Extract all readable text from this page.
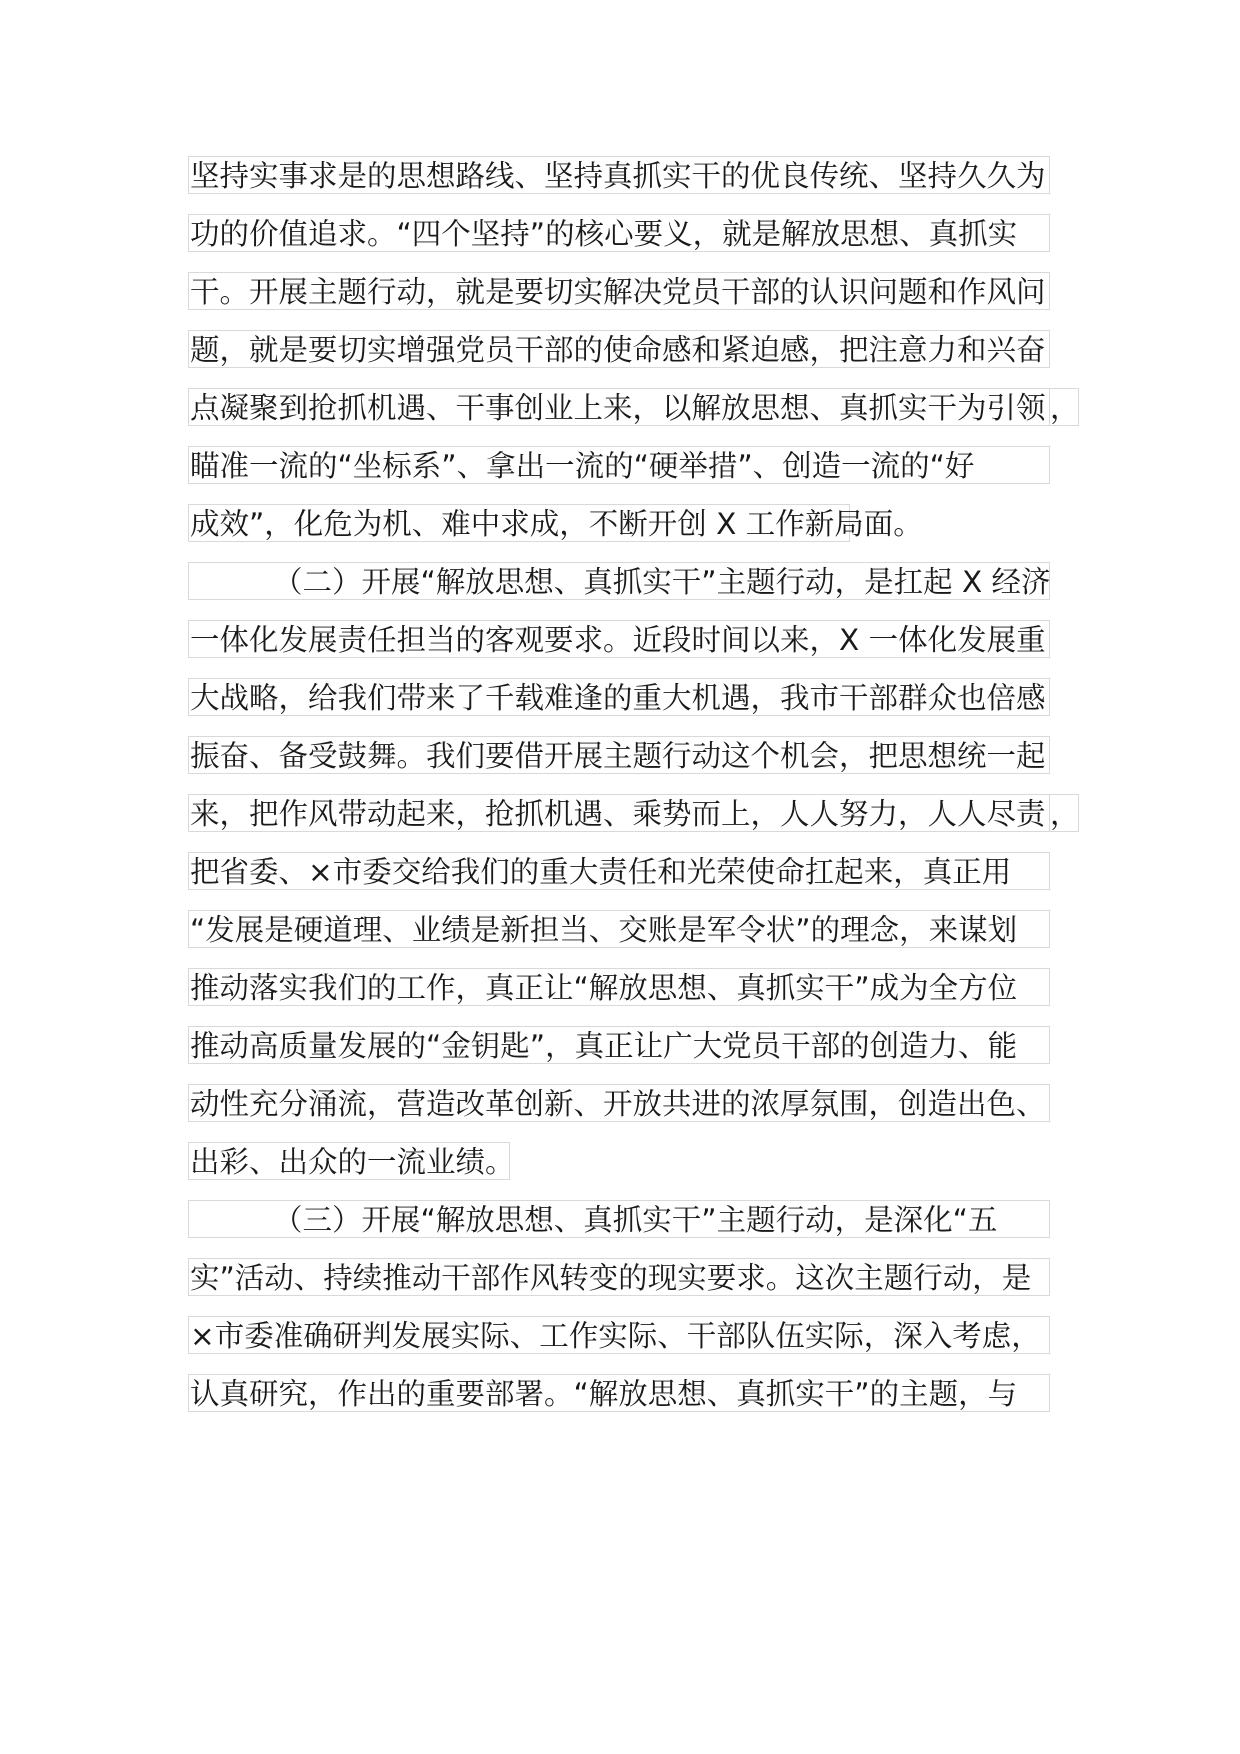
坚持实事求是的思想路线、坚持真抓实干的优良传统、坚持久久为
功的价值追求。“四个坚持”的核心要义，就是解放思想、真抓实
干。开展主题行动，就是要切实解决党员干部的认识问题和作风问
题，就是要切实增强党员干部的使命感和紧迫感，把注意力和兴奋
点凝聚到抢抓机遇、干事创业上来，以解放思想、真抓实干为引领 ，
瞄准一流的“坐标系”、拿出一流的“硬举措”、创造一流的“好
成效”，化危为机、难中求成，不断开创 X 工作新局面。
（二）开展“解放思想、真抓实干”主题行动，是扛起 X 经济
一体化发展责任担当的客观要求。近段时间以来，X 一体化发展重
大战略，给我们带来了千载难逢的重大机遇，我市干部群众也倍感
振奋、备受鼓舞。我们要借开展主题行动这个机会，把思想统一起
来，把作风带动起来，抢抓机遇、乘势而上，人人努力，人人尽责 ，
把省委、×市委交给我们的重大责任和光荣使命扛起来，真正用
“发展是硬道理、业绩是新担当、交账是军令状”的理念，来谋划
推动落实我们的工作，真正让“解放思想、真抓实干”成为全方位
推动高质量发展的“金钥匙”，真正让广大党员干部的创造力、能
动性充分涌流，营造改革创新、开放共进的浓厚氛围，创造出色、
出彩、出众的一流业绩。
（三）开展“解放思想、真抓实干”主题行动，是深化“五
实”活动、持续推动干部作风转变的现实要求。这次主题行动，是
×市委准确研判发展实际、工作实际、干部队伍实际，深入考虑，
认真研究，作出的重要部署。“解放思想、真抓实干”的主题，与
